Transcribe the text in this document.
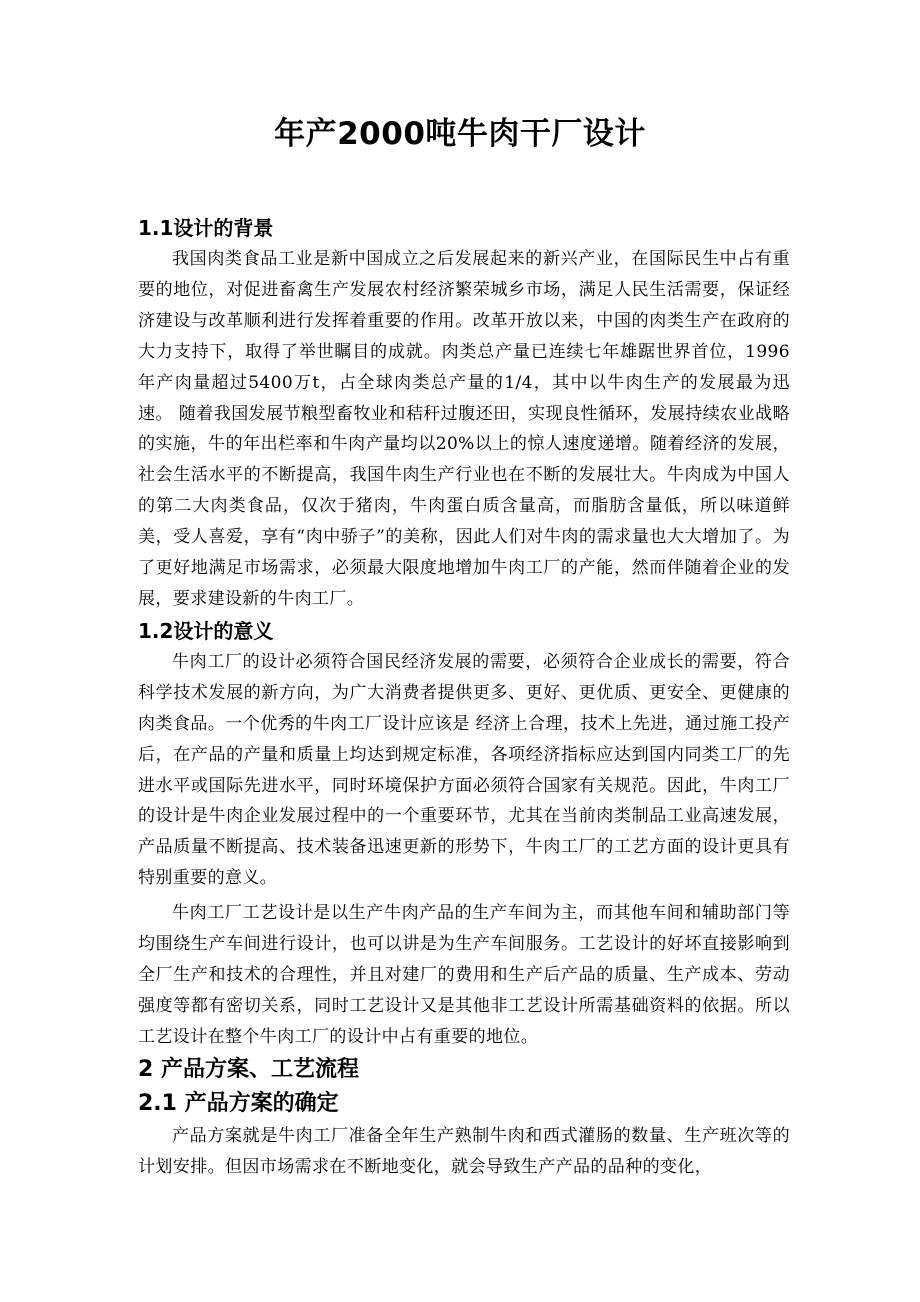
年产2000吨牛肉干厂设计
1.1设计的背景

我国肉类食品工业是新中国成立之后发展起来的新兴产业，在国际民生中占有重要的地位，对促进畜禽生产发展农村经济繁荣城乡市场，满足人民生活需要，保证经济建设与改革顺利进行发挥着重要的作用。改革开放以来，中国的肉类生产在政府的大力支持下，取得了举世瞩目的成就。肉类总产量已连续七年雄踞世界首位，1996年产肉量超过5400万t，占全球肉类总产量的1/4，其中以牛肉生产的发展最为迅速。 随着我国发展节粮型畜牧业和秸秆过腹还田，实现良性循环，发展持续农业战略的实施，牛的年出栏率和牛肉产量均以20%以上的惊人速度递增。随着经济的发展，社会生活水平的不断提高，我国牛肉生产行业也在不断的发展壮大。牛肉成为中国人的第二大肉类食品，仅次于猪肉，牛肉蛋白质含量高，而脂肪含量低，所以味道鲜美，受人喜爱，享有“肉中骄子”的美称，因此人们对牛肉的需求量也大大增加了。为了更好地满足市场需求，必须最大限度地增加牛肉工厂的产能，然而伴随着企业的发展，要求建设新的牛肉工厂。

1.2设计的意义

牛肉工厂的设计必须符合国民经济发展的需要，必须符合企业成长的需要，符合科学技术发展的新方向，为广大消费者提供更多、更好、更优质、更安全、更健康的肉类食品。一个优秀的牛肉工厂设计应该是 经济上合理，技术上先进，通过施工投产后，在产品的产量和质量上均达到规定标准，各项经济指标应达到国内同类工厂的先进水平或国际先进水平，同时环境保护方面必须符合国家有关规范。因此，牛肉工厂的设计是牛肉企业发展过程中的一个重要环节，尤其在当前肉类制品工业高速发展，产品质量不断提高、技术装备迅速更新的形势下，牛肉工厂的工艺方面的设计更具有特别重要的意义。

牛肉工厂工艺设计是以生产牛肉产品的生产车间为主，而其他车间和辅助部门等均围绕生产车间进行设计，也可以讲是为生产车间服务。工艺设计的好坏直接影响到全厂生产和技术的合理性，并且对建厂的费用和生产后产品的质量、生产成本、劳动强度等都有密切关系，同时工艺设计又是其他非工艺设计所需基础资料的依据。所以工艺设计在整个牛肉工厂的设计中占有重要的地位。

2 产品方案、工艺流程
2.1 产品方案的确定

产品方案就是牛肉工厂准备全年生产熟制牛肉和西式灌肠的数量、生产班次等的计划安排。但因市场需求在不断地变化，就会导致生产产品的品种的变化，
